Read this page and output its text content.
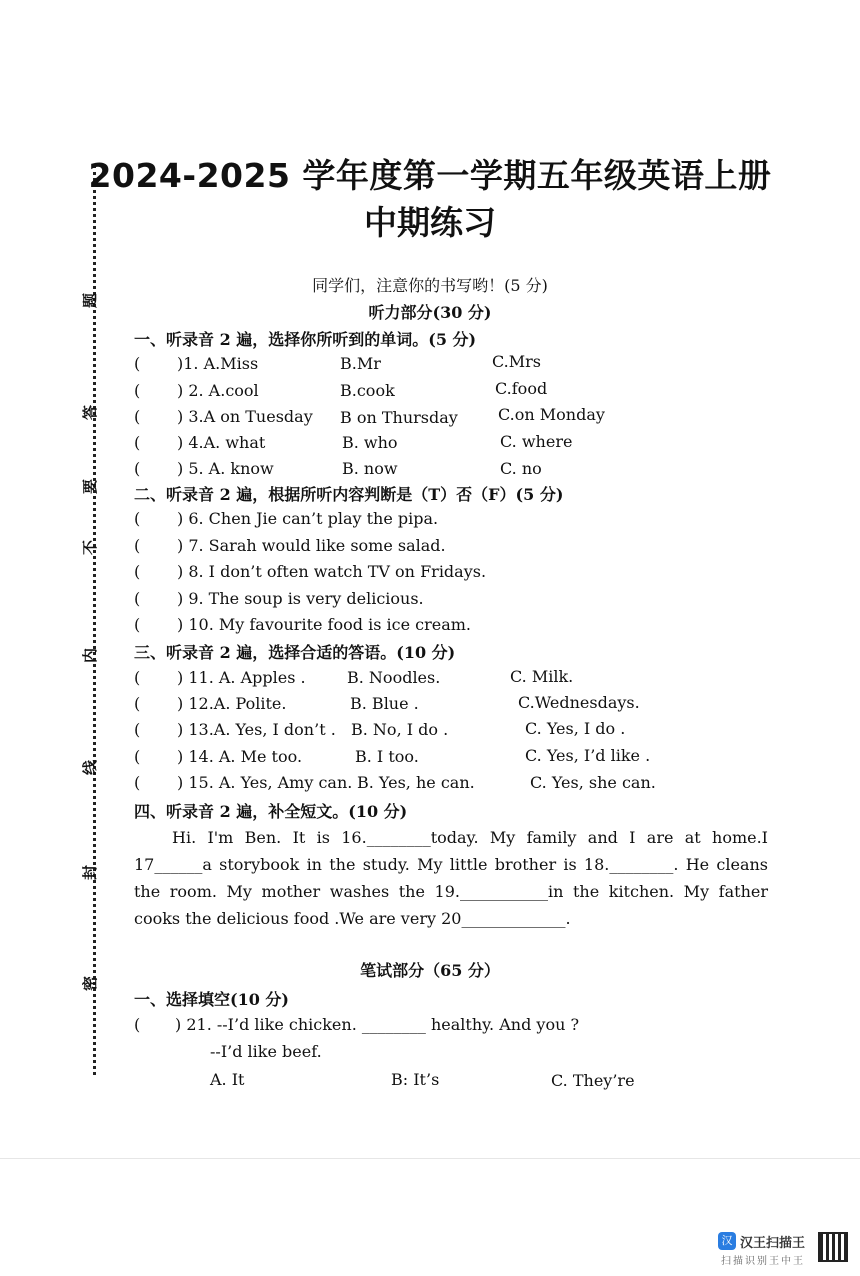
题
答
要
不
内
线
封
密
2024-2025 学年度第一学期五年级英语上册
中期练习
同学们，注意你的书写哟！(5 分)
听力部分(30 分)
一、听录音 2 遍，选择你所听到的单词。(5 分)
( )1. A.Miss	B.Mr	C.Mrs
( ) 2. A.cool	B.cook	C.food
( ) 3.A on Tuesday B on Thursday	C.on Monday
( ) 4.A. what	B. who	C. where
( ) 5. A. know	B. now	C. no
二、听录音 2 遍，根据所听内容判断是（T）否（F）(5 分)
( ) 6. Chen Jie can’t play the pipa.
( ) 7. Sarah would like some salad.
( ) 8. I don’t often watch TV on Fridays.
( ) 9. The soup is very delicious.
( ) 10. My favourite food is ice cream.
三、听录音 2 遍，选择合适的答语。(10 分)
( ) 11. A. Apples .	B. Noodles.	C. Milk.
( ) 12.A. Polite.	B. Blue .	C.Wednesdays.
( ) 13.A. Yes, I don’t . B. No, I do .	C. Yes, I do .
( ) 14. A. Me too.	B. I too.	C. Yes, I’d like .
( ) 15. A. Yes, Amy can. B. Yes, he can.	C. Yes, she can.
四、听录音 2 遍，补全短文。(10 分)
Hi. I'm Ben. It is 16.________today. My family and I are at home.I 17______a storybook in the study. My little brother is 18.________. He cleans the room. My mother washes the 19.___________in the kitchen. My father cooks the delicious food .We are very 20_____________.
笔试部分（65 分）
一、选择填空(10 分)
( ) 21. --I’d like chicken. ________ healthy. And you ?
--I’d like beef.
A. It	B: It’s	C. They’re
汉 汉王扫描王
扫描识别王中王
